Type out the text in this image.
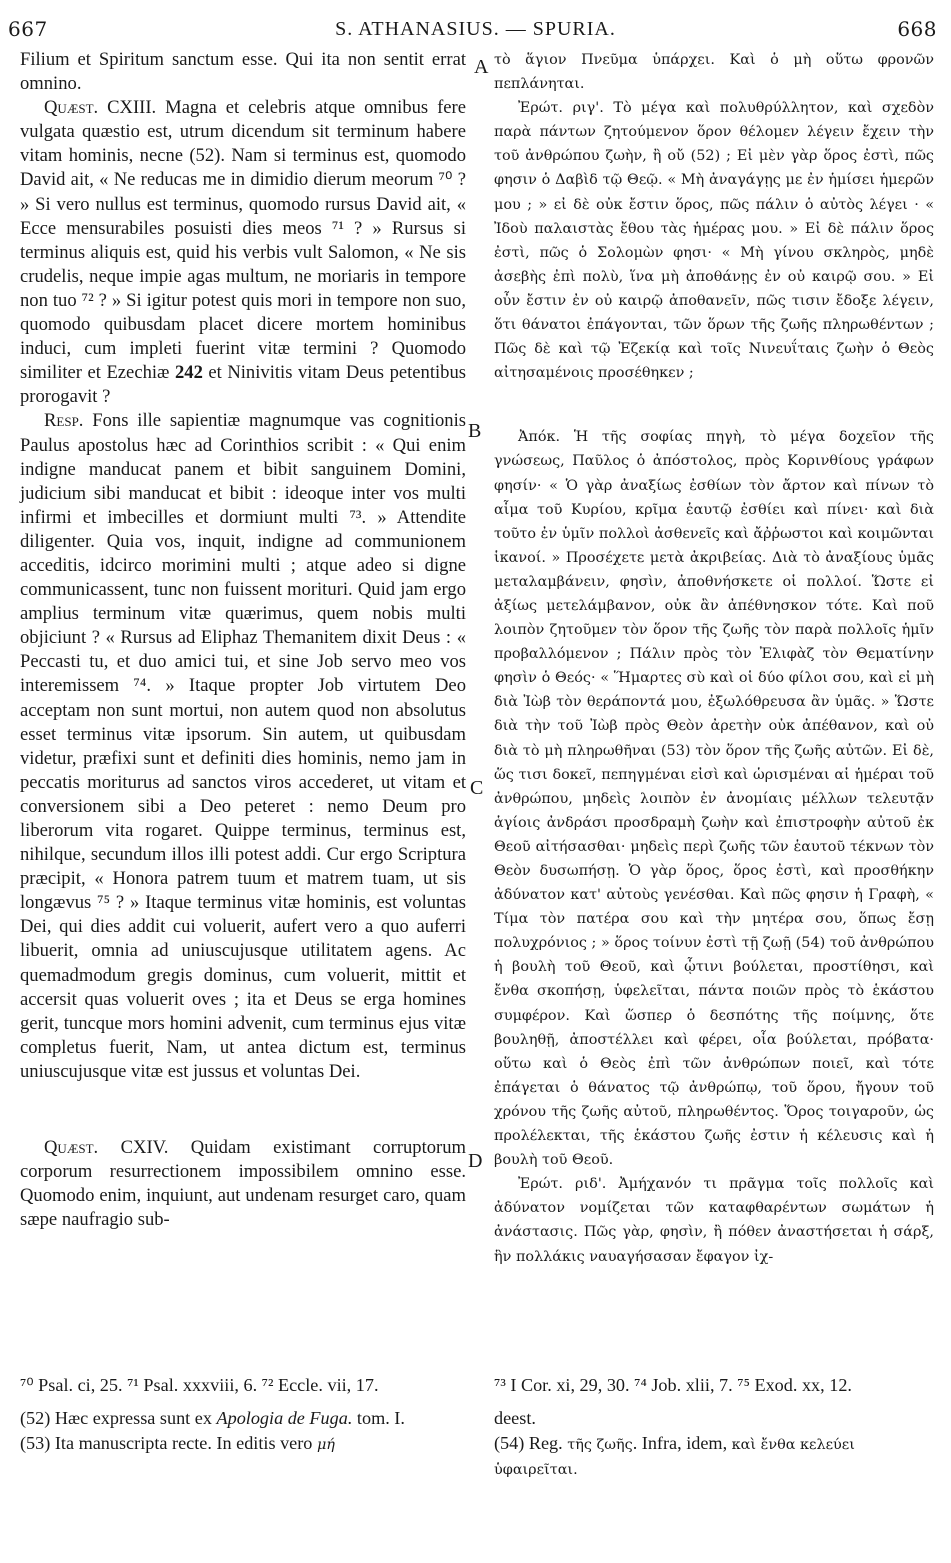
667	S. ATHANASIUS. — SPURIA.	668
A
B
C
D

Filium et Spiritum sanctum esse. Qui ita non sentit errat omnino.

Quæst. CXIII. Magna et celebris atque omnibus fere vulgata quæstio est, utrum dicendum sit terminum habere vitam hominis, necne (52). Nam si terminus est, quomodo David ait, « Ne reducas me in dimidio dierum meorum ⁷⁰ ? » Si vero nullus est terminus, quomodo rursus David ait, « Ecce mensurabiles posuisti dies meos ⁷¹ ? » Rursus si terminus aliquis est, quid his verbis vult Salomon, « Ne sis crudelis, neque impie agas multum, ne moriaris in tempore non tuo ⁷² ? » Si igitur potest quis mori in tempore non suo, quomodo quibusdam placet dicere mortem hominibus induci, cum impleti fuerint vitæ termini ? Quomodo similiter et Ezechiæ 242 et Ninivitis vitam Deus petentibus prorogavit ?

Resp. Fons ille sapientiæ magnumque vas cognitionis Paulus apostolus hæc ad Corinthios scribit : « Qui enim indigne manducat panem et bibit sanguinem Domini, judicium sibi manducat et bibit : ideoque inter vos multi infirmi et imbecilles et dormiunt multi ⁷³. » Attendite diligenter. Quia vos, inquit, indigne ad communionem acceditis, idcirco morimini multi ; atque adeo si digne communicassent, tunc non fuissent morituri. Quid jam ergo amplius terminum vitæ quærimus, quem nobis multi objiciunt ? « Rursus ad Eliphaz Themanitem dixit Deus : « Peccasti tu, et duo amici tui, et sine Job servo meo vos interemissem ⁷⁴. » Itaque propter Job virtutem Deo acceptam non sunt mortui, non autem quod non absolutus esset terminus vitæ ipsorum. Sin autem, ut quibusdam videtur, præfixi sunt et definiti dies hominis, nemo jam in peccatis moriturus ad sanctos viros accederet, ut vitam et conversionem sibi a Deo peteret : nemo Deum pro liberorum vita rogaret. Quippe terminus, terminus est, nihilque, secundum illos illi potest addi. Cur ergo Scriptura præcipit, « Honora patrem tuum et matrem tuam, ut sis longævus ⁷⁵ ? » Itaque terminus vitæ hominis, est voluntas Dei, qui dies addit cui voluerit, aufert vero a quo auferri libuerit, omnia ad uniuscujusque utilitatem agens. Ac quemadmodum gregis dominus, cum voluerit, mittit et accersit quas voluerit oves ; ita et Deus se erga homines gerit, tuncque mors homini advenit, cum terminus ejus vitæ completus fuerit, Nam, ut antea dictum est, terminus uniuscujusque vitæ est jussus et voluntas Dei.

Quæst. CXIV. Quidam existimant corruptorum corporum resurrectionem impossibilem omnino esse. Quomodo enim, inquiunt, aut undenam resurget caro, quam sæpe naufragio sub-

τὸ ἅγιον Πνεῦμα ὑπάρχει. Καὶ ὁ μὴ οὕτω φρονῶν πεπλάνηται.

Ἐρώτ. ριγ'. Τὸ μέγα καὶ πολυθρύλλητον, καὶ σχεδὸν παρὰ πάντων ζητούμενον ὅρον θέλομεν λέγειν ἔχειν τὴν τοῦ ἀνθρώπου ζωὴν, ἢ οὔ (52) ; Εἰ μὲν γὰρ ὅρος ἐστὶ, πῶς φησιν ὁ Δαβὶδ τῷ Θεῷ. « Μὴ ἀναγάγῃς με ἐν ἡμίσει ἡμερῶν μου ; » εἰ δὲ οὐκ ἔστιν ὅρος, πῶς πάλιν ὁ αὐτὸς λέγει · « Ἰδοὺ παλαιστὰς ἔθου τὰς ἡμέρας μου. » Εἰ δὲ πάλιν ὅρος ἐστὶ, πῶς ὁ Σολομὼν φησι· « Μὴ γίνου σκληρὸς, μηδὲ ἀσεβὴς ἐπὶ πολὺ, ἵνα μὴ ἀποθάνῃς ἐν οὐ καιρῷ σου. » Εἰ οὖν ἔστιν ἐν οὐ καιρῷ ἀποθανεῖν, πῶς τισιν ἔδοξε λέγειν, ὅτι θάνατοι ἐπάγονται, τῶν ὅρων τῆς ζωῆς πληρωθέντων ; Πῶς δὲ καὶ τῷ Ἐζεκίᾳ καὶ τοῖς Νινευΐταις ζωὴν ὁ Θεὸς αἰτησαμένοις προσέθηκεν ;

Ἀπόκ. Ἡ τῆς σοφίας πηγὴ, τὸ μέγα δοχεῖον τῆς γνώσεως, Παῦλος ὁ ἀπόστολος, πρὸς Κορινθίους γράφων φησίν· « Ὁ γὰρ ἀναξίως ἐσθίων τὸν ἄρτον καὶ πίνων τὸ αἷμα τοῦ Κυρίου, κρῖμα ἑαυτῷ ἐσθίει καὶ πίνει· καὶ διὰ τοῦτο ἐν ὑμῖν πολλοὶ ἀσθενεῖς καὶ ἄῤῥωστοι καὶ κοιμῶνται ἱκανοί. » Προσέχετε μετὰ ἀκριβείας. Διὰ τὸ ἀναξίους ὑμᾶς μεταλαμβάνειν, φησὶν, ἀποθνήσκετε οἱ πολλοί. Ὥστε εἰ ἀξίως μετελάμβανον, οὐκ ἂν ἀπέθνησκον τότε. Καὶ ποῦ λοιπὸν ζητοῦμεν τὸν ὅρον τῆς ζωῆς τὸν παρὰ πολλοῖς ἡμῖν προβαλλόμενον ; Πάλιν πρὸς τὸν Ἐλιφὰζ τὸν Θεματίνην φησὶν ὁ Θεός· « Ἥμαρτες σὺ καὶ οἱ δύο φίλοι σου, καὶ εἰ μὴ διὰ Ἰὼβ τὸν θεράποντά μου, ἐξωλόθρευσα ἂν ὑμᾶς. » Ὥστε διὰ τὴν τοῦ Ἰὼβ πρὸς Θεὸν ἀρετὴν οὐκ ἀπέθανον, καὶ οὐ διὰ τὸ μὴ πληρωθῆναι (53) τὸν ὅρον τῆς ζωῆς αὐτῶν. Εἰ δὲ, ὥς τισι δοκεῖ, πεπηγμέναι εἰσὶ καὶ ὡρισμέναι αἱ ἡμέραι τοῦ ἀνθρώπου, μηδεὶς λοιπὸν ἐν ἀνομίαις μέλλων τελευτᾷν ἁγίοις ἀνδράσι προσδραμὴ ζωὴν καὶ ἐπιστροφὴν αὐτοῦ ἐκ Θεοῦ αἰτήσασθαι· μηδεὶς περὶ ζωῆς τῶν ἑαυτοῦ τέκνων τὸν Θεὸν δυσωπήσῃ. Ὁ γὰρ ὅρος, ὅρος ἐστὶ, καὶ προσθήκην ἀδύνατον κατ' αὐτοὺς γενέσθαι. Καὶ πῶς φησιν ἡ Γραφὴ, « Τίμα τὸν πατέρα σου καὶ τὴν μητέρα σου, ὅπως ἔσῃ πολυχρόνιος ; » ὅρος τοίνυν ἐστὶ τῇ ζωῇ (54) τοῦ ἀνθρώπου ἡ βουλὴ τοῦ Θεοῦ, καὶ ᾧτινι βούλεται, προστίθησι, καὶ ἔνθα σκοπήσῃ, ὑφελεῖται, πάντα ποιῶν πρὸς τὸ ἑκάστου συμφέρον. Καὶ ὥσπερ ὁ δεσπότης τῆς ποίμνης, ὅτε βουληθῇ, ἀποστέλλει καὶ φέρει, οἷα βούλεται, πρόβατα· οὕτω καὶ ὁ Θεὸς ἐπὶ τῶν ἀνθρώπων ποιεῖ, καὶ τότε ἐπάγεται ὁ θάνατος τῷ ἀνθρώπῳ, τοῦ ὅρου, ἤγουν τοῦ χρόνου τῆς ζωῆς αὐτοῦ, πληρωθέντος. Ὅρος τοιγαροῦν, ὡς προλέλεκται, τῆς ἑκάστου ζωῆς ἐστιν ἡ κέλευσις καὶ ἡ βουλὴ τοῦ Θεοῦ.

Ἐρώτ. ριδ'. Ἀμήχανόν τι πρᾶγμα τοῖς πολλοῖς καὶ ἀδύνατον νομίζεται τῶν καταφθαρέντων σωμάτων ἡ ἀνάστασις. Πῶς γὰρ, φησὶν, ἢ πόθεν ἀναστήσεται ἡ σάρξ, ἣν πολλάκις ναυαγήσασαν ἔφαγον ἰχ-

⁷⁰ Psal. ci, 25. ⁷¹ Psal. xxxviii, 6. ⁷² Eccle. vii, 17.

(52) Hæc expressa sunt ex Apologia de Fuga. tom. I.

(53) Ita manuscripta recte. In editis vero μή

⁷³ I Cor. xi, 29, 30. ⁷⁴ Job. xlii, 7. ⁷⁵ Exod. xx, 12.

deest.

(54) Reg. τῆς ζωῆς. Infra, idem, καὶ ἔνθα κελεύει ὑφαιρεῖται.
